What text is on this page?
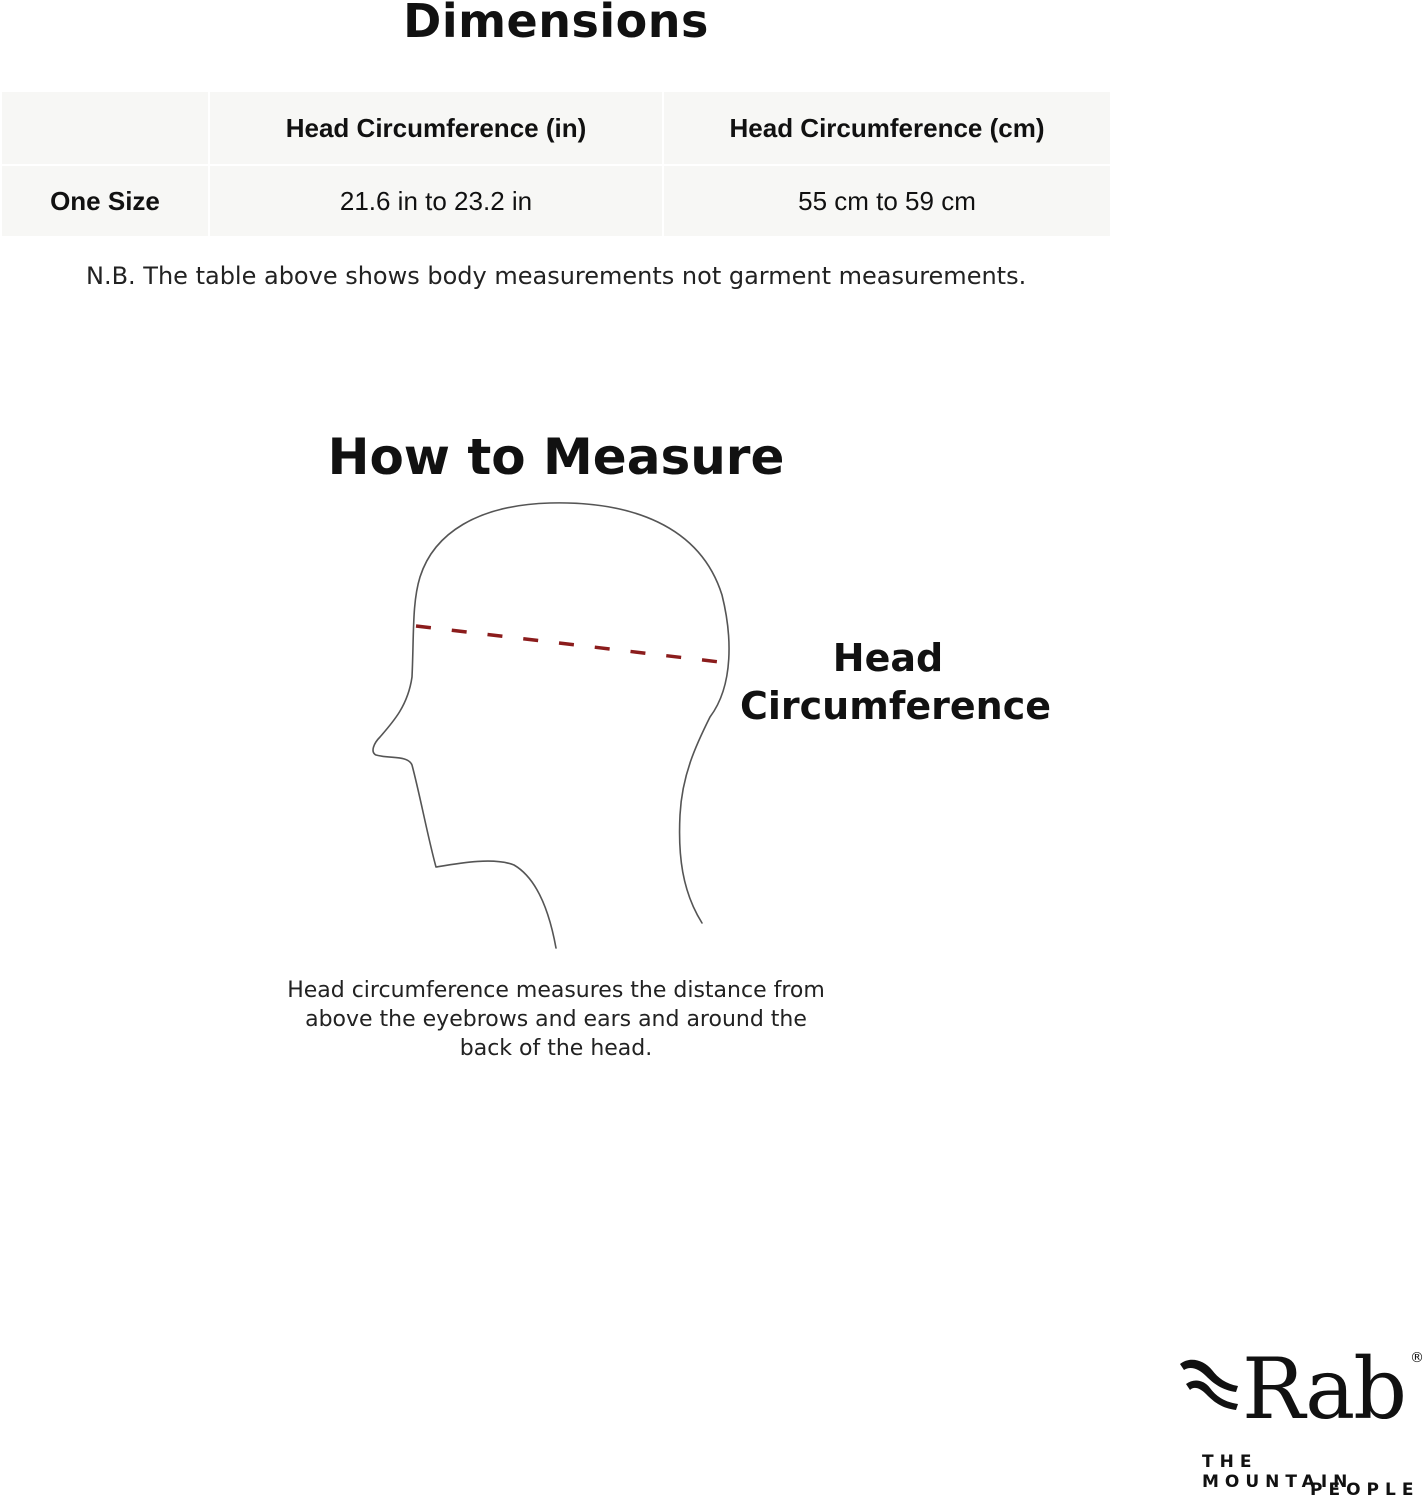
Dimensions
	Head Circumference (in)	Head Circumference (cm)
One Size	21.6 in to 23.2 in	55 cm to 59 cm
N.B. The table above shows body measurements not garment measurements.
How to Measure
Head
Circumference
Head circumference measures the distance from
above the eyebrows and ears and around the
back of the head.
Rab ®
THE MOUNTAIN
PEOPLE
